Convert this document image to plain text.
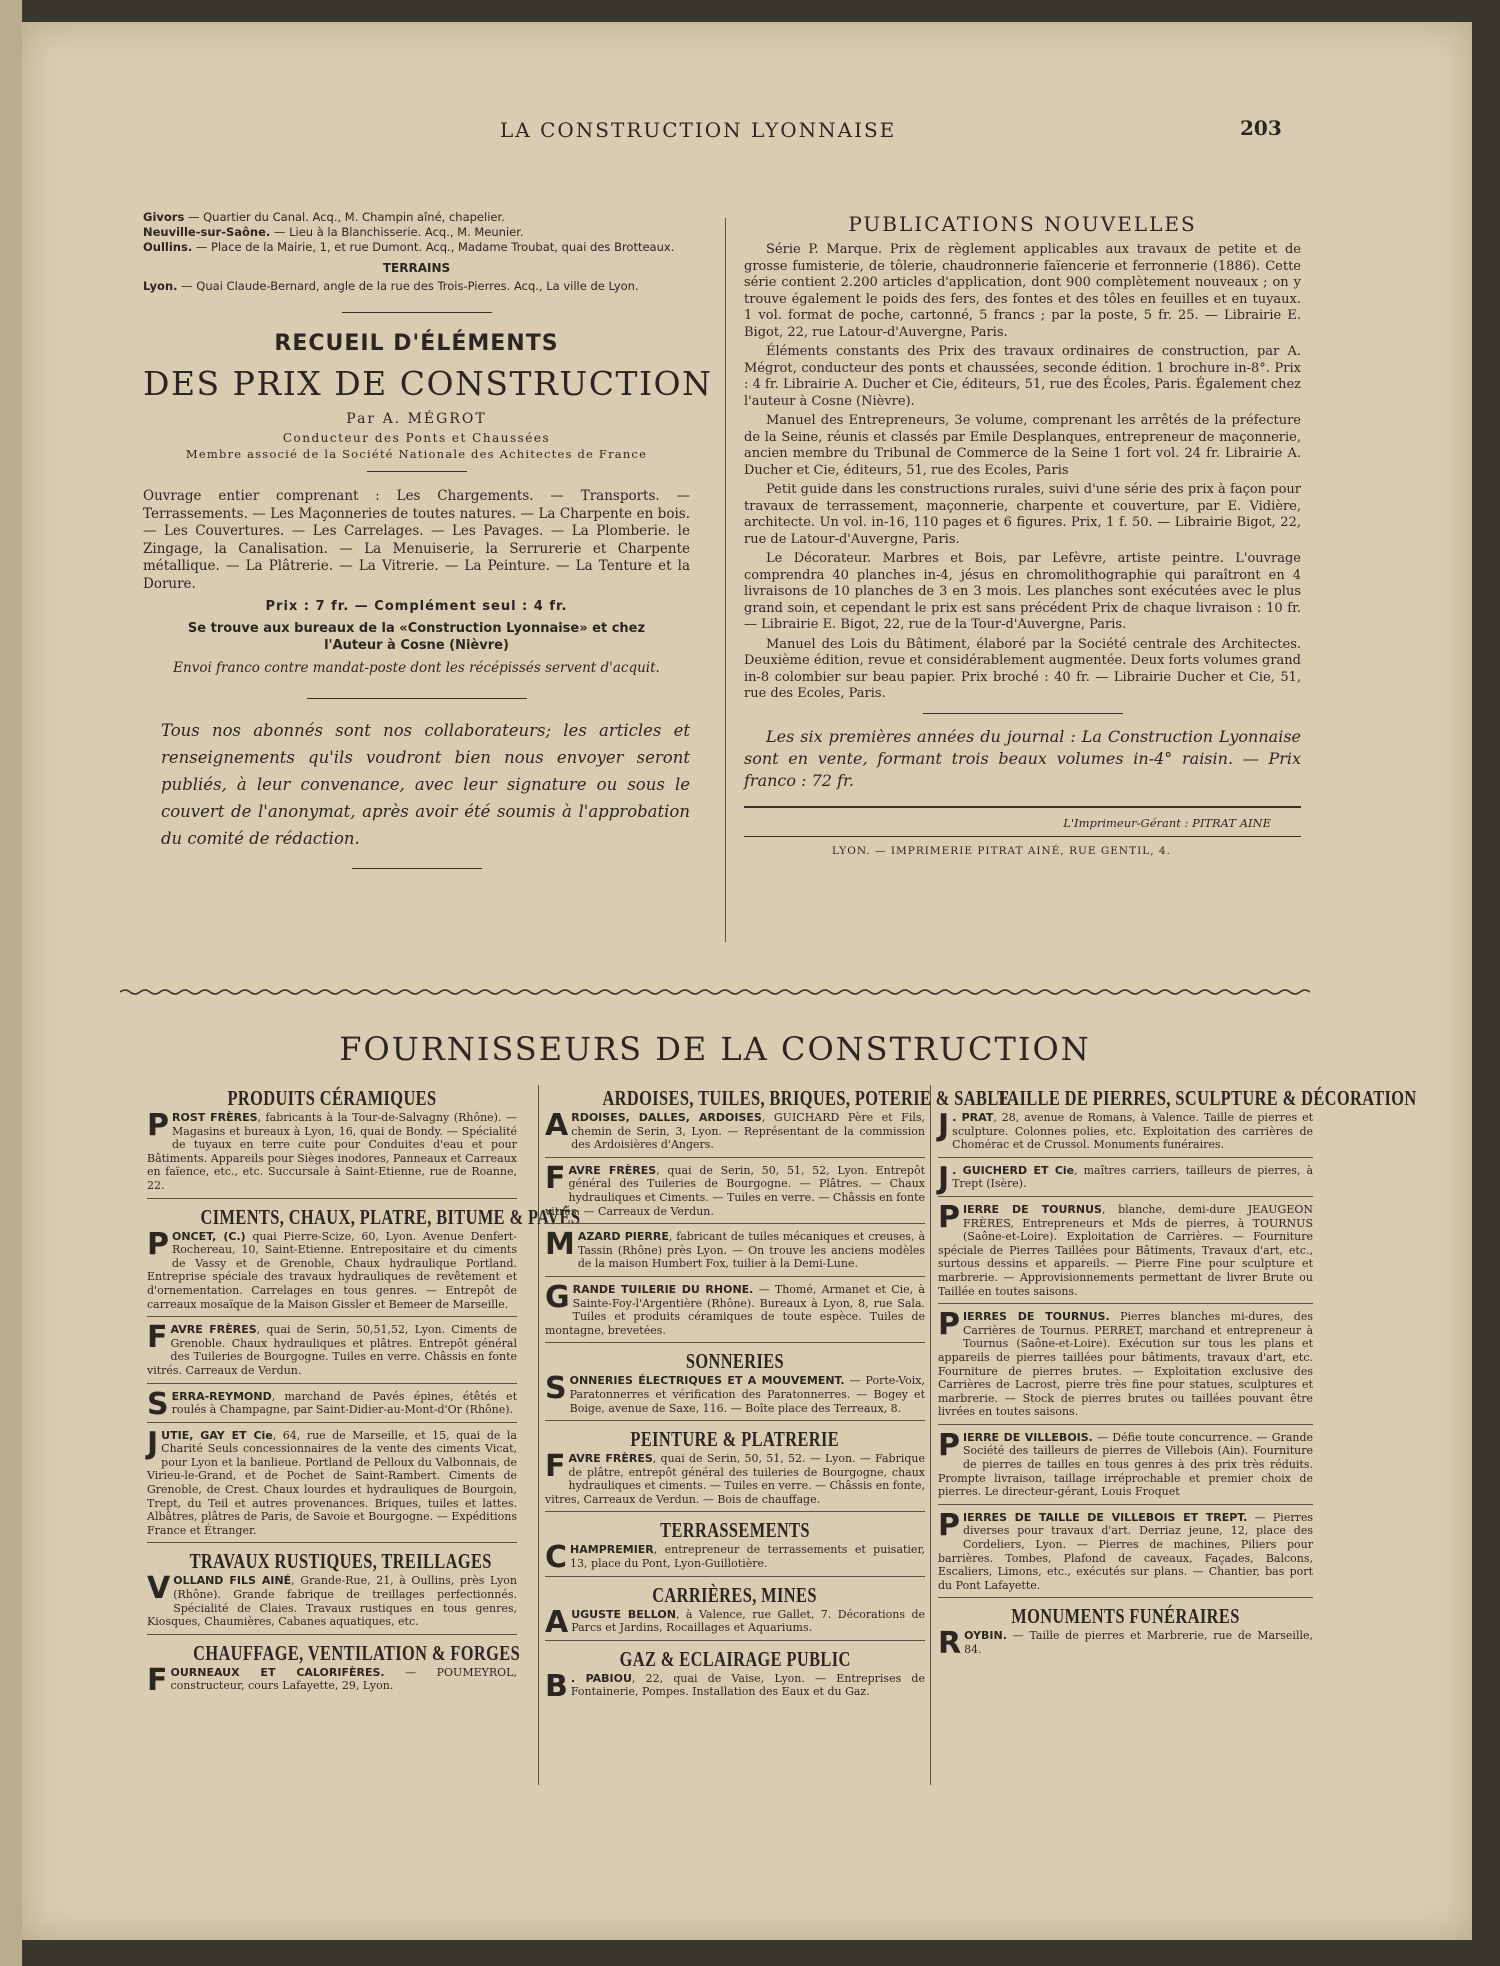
LA CONSTRUCTION LYONNAISE	203
Givors — Quartier du Canal. Acq., M. Champin aîné, chapelier.
Neuville-sur-Saône. — Lieu à la Blanchisserie. Acq., M. Meunier.
Oullins. — Place de la Mairie, 1, et rue Dumont. Acq., Madame Troubat, quai des Brotteaux.
TERRAINS
Lyon. — Quai Claude-Bernard, angle de la rue des Trois-Pierres. Acq., La ville de Lyon.
RECUEIL D'ÉLÉMENTS
DES PRIX DE CONSTRUCTION
Par A. MÉGROT
Conducteur des Ponts et Chaussées
Membre associé de la Société Nationale des Achitectes de France
Ouvrage entier comprenant : Les Chargements. — Transports. — Terrassements. — Les Maçonneries de toutes natures. — La Charpente en bois. — Les Couvertures. — Les Carrelages. — Les Pavages. — La Plomberie. le Zingage, la Canalisation. — La Menuiserie, la Serrurerie et Charpente métallique. — La Plâtrerie. — La Vitrerie. — La Peinture. — La Tenture et la Dorure.
Prix : 7 fr. — Complément seul : 4 fr.
Se trouve aux bureaux de la «Construction Lyonnaise» et chez l'Auteur à Cosne (Nièvre)
Envoi franco contre mandat-poste dont les récépissés servent d'acquit.
Tous nos abonnés sont nos collaborateurs; les articles et renseignements qu'ils voudront bien nous envoyer seront publiés, à leur convenance, avec leur signature ou sous le couvert de l'anonymat, après avoir été soumis à l'approbation du comité de rédaction.
PUBLICATIONS NOUVELLES
Série P. Marque. Prix de règlement applicables aux travaux de petite et de grosse fumisterie, de tôlerie, chaudronnerie faïencerie et ferronnerie (1886). Cette série contient 2.200 articles d'application, dont 900 complètement nouveaux ; on y trouve également le poids des fers, des fontes et des tôles en feuilles et en tuyaux. 1 vol. format de poche, cartonné, 5 francs ; par la poste, 5 fr. 25. — Librairie E. Bigot, 22, rue Latour-d'Auvergne, Paris.
Éléments constants des Prix des travaux ordinaires de construction, par A. Mégrot, conducteur des ponts et chaussées, seconde édition. 1 brochure in-8°. Prix : 4 fr. Librairie A. Ducher et Cie, éditeurs, 51, rue des Écoles, Paris. Également chez l'auteur à Cosne (Nièvre).
Manuel des Entrepreneurs, 3e volume, comprenant les arrêtés de la préfecture de la Seine, réunis et classés par Emile Desplanques, entrepreneur de maçonnerie, ancien membre du Tribunal de Commerce de la Seine 1 fort vol. 24 fr. Librairie A. Ducher et Cie, éditeurs, 51, rue des Ecoles, Paris
Petit guide dans les constructions rurales, suivi d'une série des prix à façon pour travaux de terrassement, maçonnerie, charpente et couverture, par E. Vidière, architecte. Un vol. in-16, 110 pages et 6 figures. Prix, 1 f. 50. — Librairie Bigot, 22, rue de Latour-d'Auvergne, Paris.
Le Décorateur. Marbres et Bois, par Lefèvre, artiste peintre. L'ouvrage comprendra 40 planches in-4, jésus en chromolithographie qui paraîtront en 4 livraisons de 10 planches de 3 en 3 mois. Les planches sont exécutées avec le plus grand soin, et cependant le prix est sans précédent Prix de chaque livraison : 10 fr. — Librairie E. Bigot, 22, rue de la Tour-d'Auvergne, Paris.
Manuel des Lois du Bâtiment, élaboré par la Société centrale des Architectes. Deuxième édition, revue et considérablement augmentée. Deux forts volumes grand in-8 colombier sur beau papier. Prix broché : 40 fr. — Librairie Ducher et Cie, 51, rue des Ecoles, Paris.
Les six premières années du journal : La Construction Lyonnaise sont en vente, formant trois beaux volumes in-4° raisin. — Prix franco : 72 fr.
L'Imprimeur-Gérant : PITRAT AINE
LYON. — IMPRIMERIE PITRAT AINÉ, RUE GENTIL, 4.
FOURNISSEURS DE LA CONSTRUCTION
PRODUITS CÉRAMIQUES
PROST FRÈRES, fabricants à la Tour-de-Salvagny (Rhône). — Magasins et bureaux à Lyon, 16, quai de Bondy. — Spécialité de tuyaux en terre cuite pour Conduites d'eau et pour Bâtiments. Appareils pour Sièges inodores, Panneaux et Carreaux en faïence, etc., etc. Succursale à Saint-Etienne, rue de Roanne, 22.
CIMENTS, CHAUX, PLATRE, BITUME & PAVÉS
PONCET, (C.) quai Pierre-Scize, 60, Lyon. Avenue Denfert-Rochereau, 10, Saint-Etienne. Entrepositaire et du ciments de Vassy et de Grenoble, Chaux hydraulique Portland. Entreprise spéciale des travaux hydrauliques de revêtement et d'ornementation. Carrelages en tous genres. — Entrepôt de carreaux mosaïque de la Maison Gissler et Bemeer de Marseille.
FAVRE FRÈRES, quai de Serin, 50,51,52, Lyon. Ciments de Grenoble. Chaux hydrauliques et plâtres. Entrepôt général des Tuileries de Bourgogne. Tuiles en verre. Châssis en fonte vitrés. Carreaux de Verdun.
SERRA-REYMOND, marchand de Pavés épines, étêtés et roulés à Champagne, par Saint-Didier-au-Mont-d'Or (Rhône).
JUTIE, GAY ET Cie, 64, rue de Marseille, et 15, quai de la Charité Seuls concessionnaires de la vente des ciments Vicat, pour Lyon et la banlieue. Portland de Pelloux du Valbonnais, de Virieu-le-Grand, et de Pochet de Saint-Rambert. Ciments de Grenoble, de Crest. Chaux lourdes et hydrauliques de Bourgoin, Trept, du Teil et autres provenances. Briques, tuiles et lattes. Albâtres, plâtres de Paris, de Savoie et Bourgogne. — Expéditions France et Étranger.
TRAVAUX RUSTIQUES, TREILLAGES
VOLLAND FILS AINÉ, Grande-Rue, 21, à Oullins, près Lyon (Rhône). Grande fabrique de treillages perfectionnés. Spécialité de Claies. Travaux rustiques en tous genres, Kiosques, Chaumières, Cabanes aquatiques, etc.
CHAUFFAGE, VENTILATION & FORGES
FOURNEAUX ET CALORIFÈRES. — POUMEYROL, constructeur, cours Lafayette, 29, Lyon.
ARDOISES, TUILES, BRIQUES, POTERIE & SABLE
ARDOISES, DALLES, ARDOISES, GUICHARD Père et Fils, chemin de Serin, 3, Lyon. — Représentant de la commission des Ardoisières d'Angers.
FAVRE FRÈRES, quai de Serin, 50, 51, 52, Lyon. Entrepôt général des Tuileries de Bourgogne. — Plâtres. — Chaux hydrauliques et Ciments. — Tuiles en verre. — Châssis en fonte vitrés. — Carreaux de Verdun.
MAZARD PIERRE, fabricant de tuiles mécaniques et creuses, à Tassin (Rhône) près Lyon. — On trouve les anciens modèles de la maison Humbert Fox, tuilier à la Demi-Lune.
GRANDE TUILERIE DU RHONE. — Thomé, Armanet et Cie, à Sainte-Foy-l'Argentière (Rhône). Bureaux à Lyon, 8, rue Sala. Tuiles et produits céramiques de toute espèce. Tuiles de montagne, brevetées.
SONNERIES
SONNERIES ÉLECTRIQUES ET A MOUVEMENT. — Porte-Voix, Paratonnerres et vérification des Paratonnerres. — Bogey et Boige, avenue de Saxe, 116. — Boîte place des Terreaux, 8.
PEINTURE & PLATRERIE
FAVRE FRÈRES, quai de Serin, 50, 51, 52. — Lyon. — Fabrique de plâtre, entrepôt général des tuileries de Bourgogne, chaux hydrauliques et ciments. — Tuiles en verre. — Châssis en fonte, vitres, Carreaux de Verdun. — Bois de chauffage.
TERRASSEMENTS
CHAMPREMIER, entrepreneur de terrassements et puisatier, 13, place du Pont, Lyon-Guillotière.
CARRIÈRES, MINES
AUGUSTE BELLON, à Valence, rue Gallet, 7. Décorations de Parcs et Jardins, Rocaillages et Aquariums.
GAZ & ECLAIRAGE PUBLIC
B . PABIOU, 22, quai de Vaise, Lyon. — Entreprises de Fontainerie, Pompes. Installation des Eaux et du Gaz.
TAILLE DE PIERRES, SCULPTURE & DÉCORATION
J . PRAT, 28, avenue de Romans, à Valence. Taille de pierres et sculpture. Colonnes polies, etc. Exploitation des carrières de Chomérac et de Crussol. Monuments funéraires.
J . GUICHERD ET Cie, maîtres carriers, tailleurs de pierres, à Trept (Isère).
PIERRE DE TOURNUS, blanche, demi-dure JEAUGEON FRÈRES, Entrepreneurs et Mds de pierres, à TOURNUS (Saône-et-Loire). Exploitation de Carrières. — Fourniture spéciale de Pierres Taillées pour Bâtiments, Travaux d'art, etc., surtous dessins et appareils. — Pierre Fine pour sculpture et marbrerie. — Approvisionnements permettant de livrer Brute ou Taillée en toutes saisons.
PIERRES DE TOURNUS. Pierres blanches mi-dures, des Carrières de Tournus. PERRET, marchand et entrepreneur à Tournus (Saône-et-Loire). Exécution sur tous les plans et appareils de pierres taillées pour bâtiments, travaux d'art, etc. Fourniture de pierres brutes. — Exploitation exclusive des Carrières de Lacrost, pierre très fine pour statues, sculptures et marbrerie. — Stock de pierres brutes ou taillées pouvant être livrées en toutes saisons.
PIERRE DE VILLEBOIS. — Défie toute concurrence. — Grande Société des tailleurs de pierres de Villebois (Ain). Fourniture de pierres de tailles en tous genres à des prix très réduits. Prompte livraison, taillage irréprochable et premier choix de pierres. Le directeur-gérant, Louis Froquet
PIERRES DE TAILLE DE VILLEBOIS ET TREPT. — Pierres diverses pour travaux d'art. Derriaz jeune, 12, place des Cordeliers, Lyon. — Pierres de machines, Piliers pour barrières. Tombes, Plafond de caveaux, Façades, Balcons, Escaliers, Limons, etc., exécutés sur plans. — Chantier, bas port du Pont Lafayette.
MONUMENTS FUNÉRAIRES
ROYBIN. — Taille de pierres et Marbrerie, rue de Marseille, 84.
